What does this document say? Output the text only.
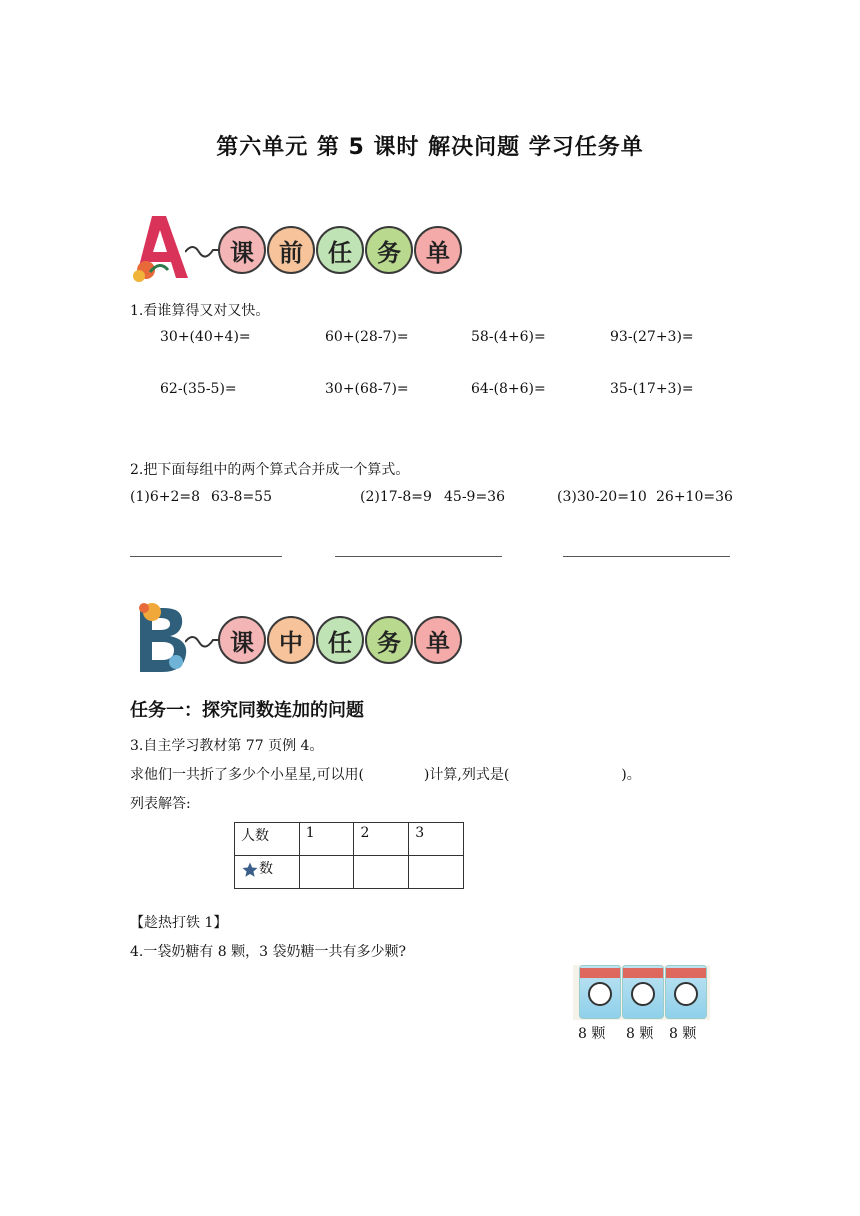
第六单元 第 5 课时 解决问题 学习任务单
课	前	任	务	单
1.看谁算得又对又快。
30+(40+4)=	60+(28-7)=	58-(4+6)=	93-(27+3)=
62-(35-5)=	30+(68-7)=	64-(8+6)=	35-(17+3)=
2.把下面每组中的两个算式合并成一个算式。
(1)6+2=8 63-8=55	(2)17-8=9 45-9=36	(3)30-20=10 26+10=36
课	中	任	务	单
任务一：探究同数连加的问题
3.自主学习教材第 77 页例 4。
求他们一共折了多少个小星星,可以用(	)计算,列式是(	)。
列表解答:
人数	1	2	3
数			
【趁热打铁 1】
4.一袋奶糖有 8 颗，3 袋奶糖一共有多少颗?
8 颗 8 颗 8 颗
